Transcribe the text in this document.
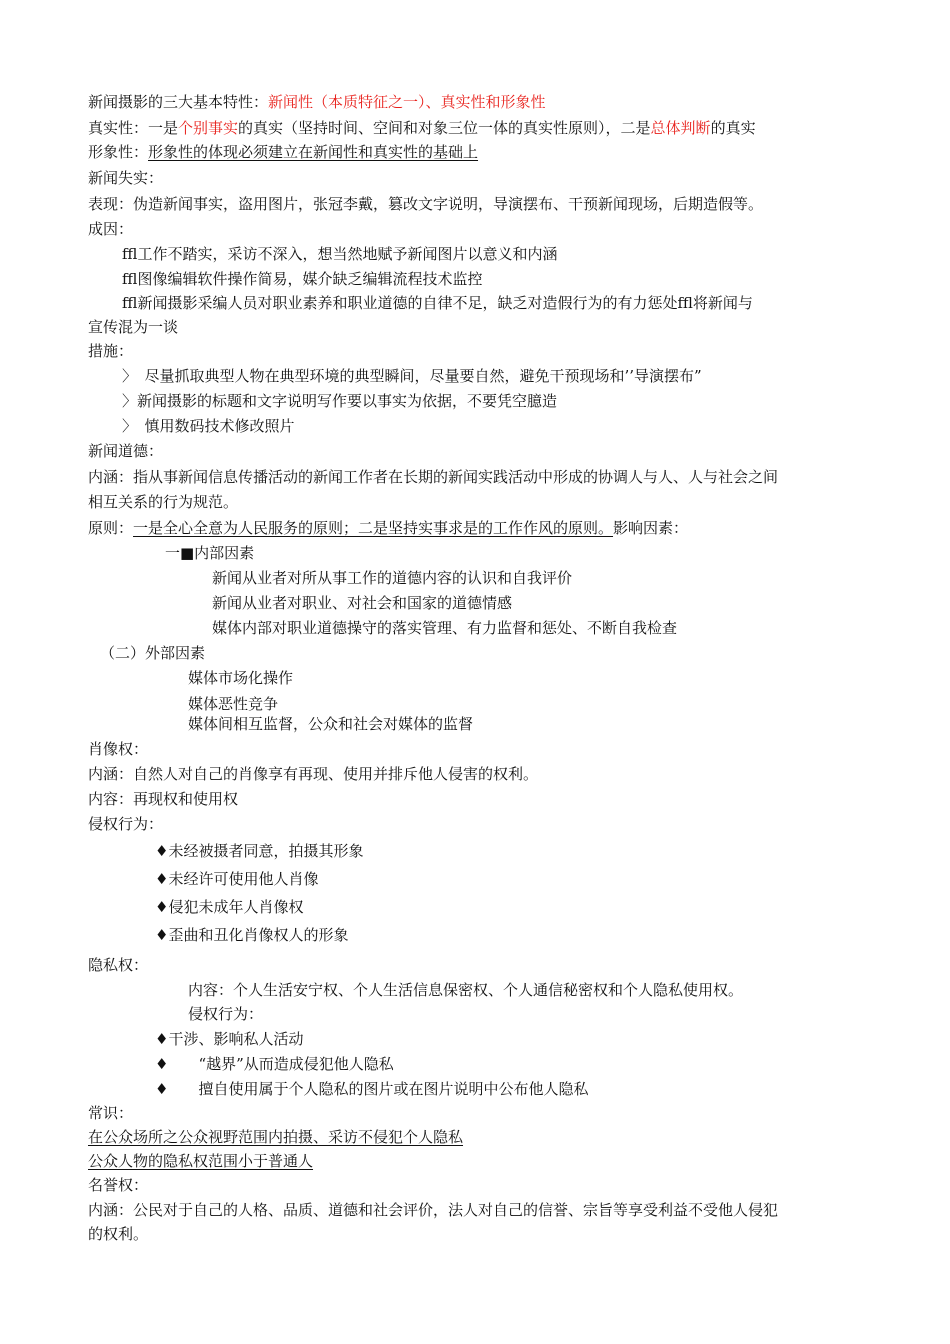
新闻摄影的三大基本特性：新闻性（本质特征之一）、真实性和形象性
真实性：一是个别事实的真实（坚持时间、空间和对象三位一体的真实性原则），二是总体判断的真实
形象性：形象性的体现必须建立在新闻性和真实性的基础上
新闻失实：
表现：伪造新闻事实，盗用图片，张冠李戴，篡改文字说明，导演摆布、干预新闻现场，后期造假等。
成因：
ffl工作不踏实，采访不深入，想当然地赋予新闻图片以意义和内涵
ffl图像编辑软件操作简易，媒介缺乏编辑流程技术监控
ffl新闻摄影采编人员对职业素养和职业道德的自律不足，缺乏对造假行为的有力惩处ffl将新闻与
宣传混为一谈
措施：
〉　尽量抓取典型人物在典型环境的典型瞬间，尽量要自然，避免干预现场和’’导演摆布”
〉新闻摄影的标题和文字说明写作要以事实为依据，不要凭空臆造
〉　慎用数码技术修改照片
新闻道德：
内涵：指从事新闻信息传播活动的新闻工作者在长期的新闻实践活动中形成的协调人与人、人与社会之间
相互关系的行为规范。
原则：一是全心全意为人民服务的原则；二是坚持实事求是的工作作风的原则。影响因素：
一■内部因素
新闻从业者对所从事工作的道德内容的认识和自我评价
新闻从业者对职业、对社会和国家的道德情感
媒体内部对职业道德操守的落实管理、有力监督和惩处、不断自我检查
（二）外部因素
媒体市场化操作
媒体恶性竞争
媒体间相互监督，公众和社会对媒体的监督
肖像权：
内涵：自然人对自己的肖像享有再现、使用并排斥他人侵害的权利。
内容：再现权和使用权
侵权行为：
♦未经被摄者同意，拍摄其形象
♦未经许可使用他人肖像
♦侵犯未成年人肖像权
♦歪曲和丑化肖像权人的形象
隐私权：
内容：个人生活安宁权、个人生活信息保密权、个人通信秘密权和个人隐私使用权。
侵权行为：
♦干涉、影响私人活动
♦　　“越界”从而造成侵犯他人隐私
♦　　擅自使用属于个人隐私的图片或在图片说明中公布他人隐私
常识：
在公众场所之公众视野范围内拍摄、采访不侵犯个人隐私
公众人物的隐私权范围小于普通人
名誉权：
内涵：公民对于自己的人格、品质、道德和社会评价，法人对自己的信誉、宗旨等享受利益不受他人侵犯
的权利。
